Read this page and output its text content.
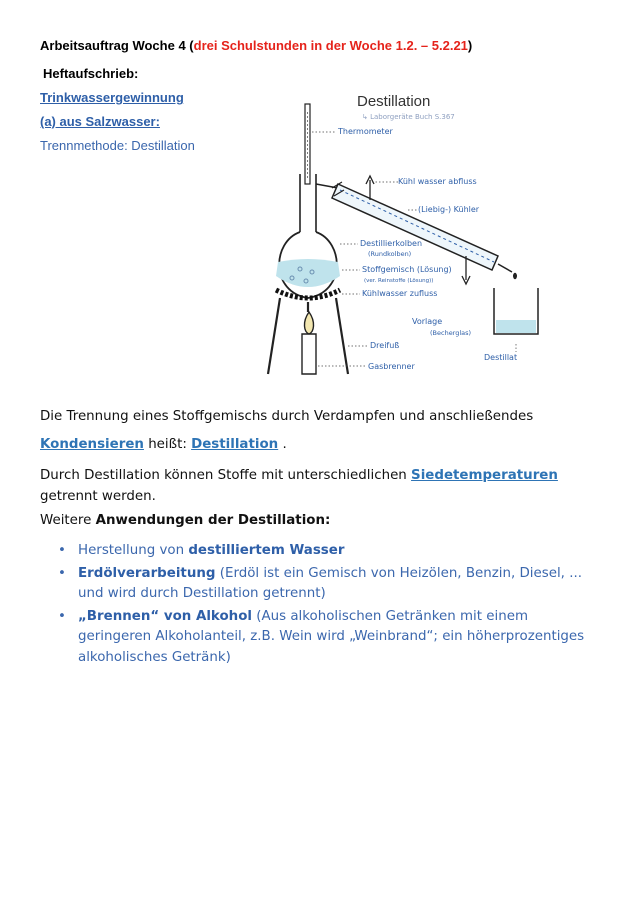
Arbeitsauftrag Woche 4 (drei Schulstunden in der Woche 1.2. – 5.2.21)
Heftaufschrieb:
Trinkwassergewinnung
(a) aus Salzwasser:
Trennmethode: Destillation
Destillation
↳ Laborgeräte Buch S.367
Thermometer
Kühl wasser abfluss
(Liebig-) Kühler
Destillierkolben
(Rundkolben)
Stoffgemisch (Lösung)
(ver. Reinstoffe (Lösung))
Kühlwasser zufluss
Vorlage
(Becherglas)
Dreifuß
Gasbrenner
Destillat
Die Trennung eines Stoffgemischs durch Verdampfen und anschließendes
Kondensieren heißt: Destillation .
Durch Destillation können Stoffe mit unterschiedlichen Siedetemperaturen getrennt werden.
Weitere Anwendungen der Destillation:
• Herstellung von destilliertem Wasser
• Erdölverarbeitung (Erdöl ist ein Gemisch von Heizölen, Benzin, Diesel, ... und wird durch Destillation getrennt)
• „Brennen“ von Alkohol (Aus alkoholischen Getränken mit einem geringeren Alkoholanteil, z.B. Wein wird „Weinbrand“; ein höherprozentiges alkoholisches Getränk)
